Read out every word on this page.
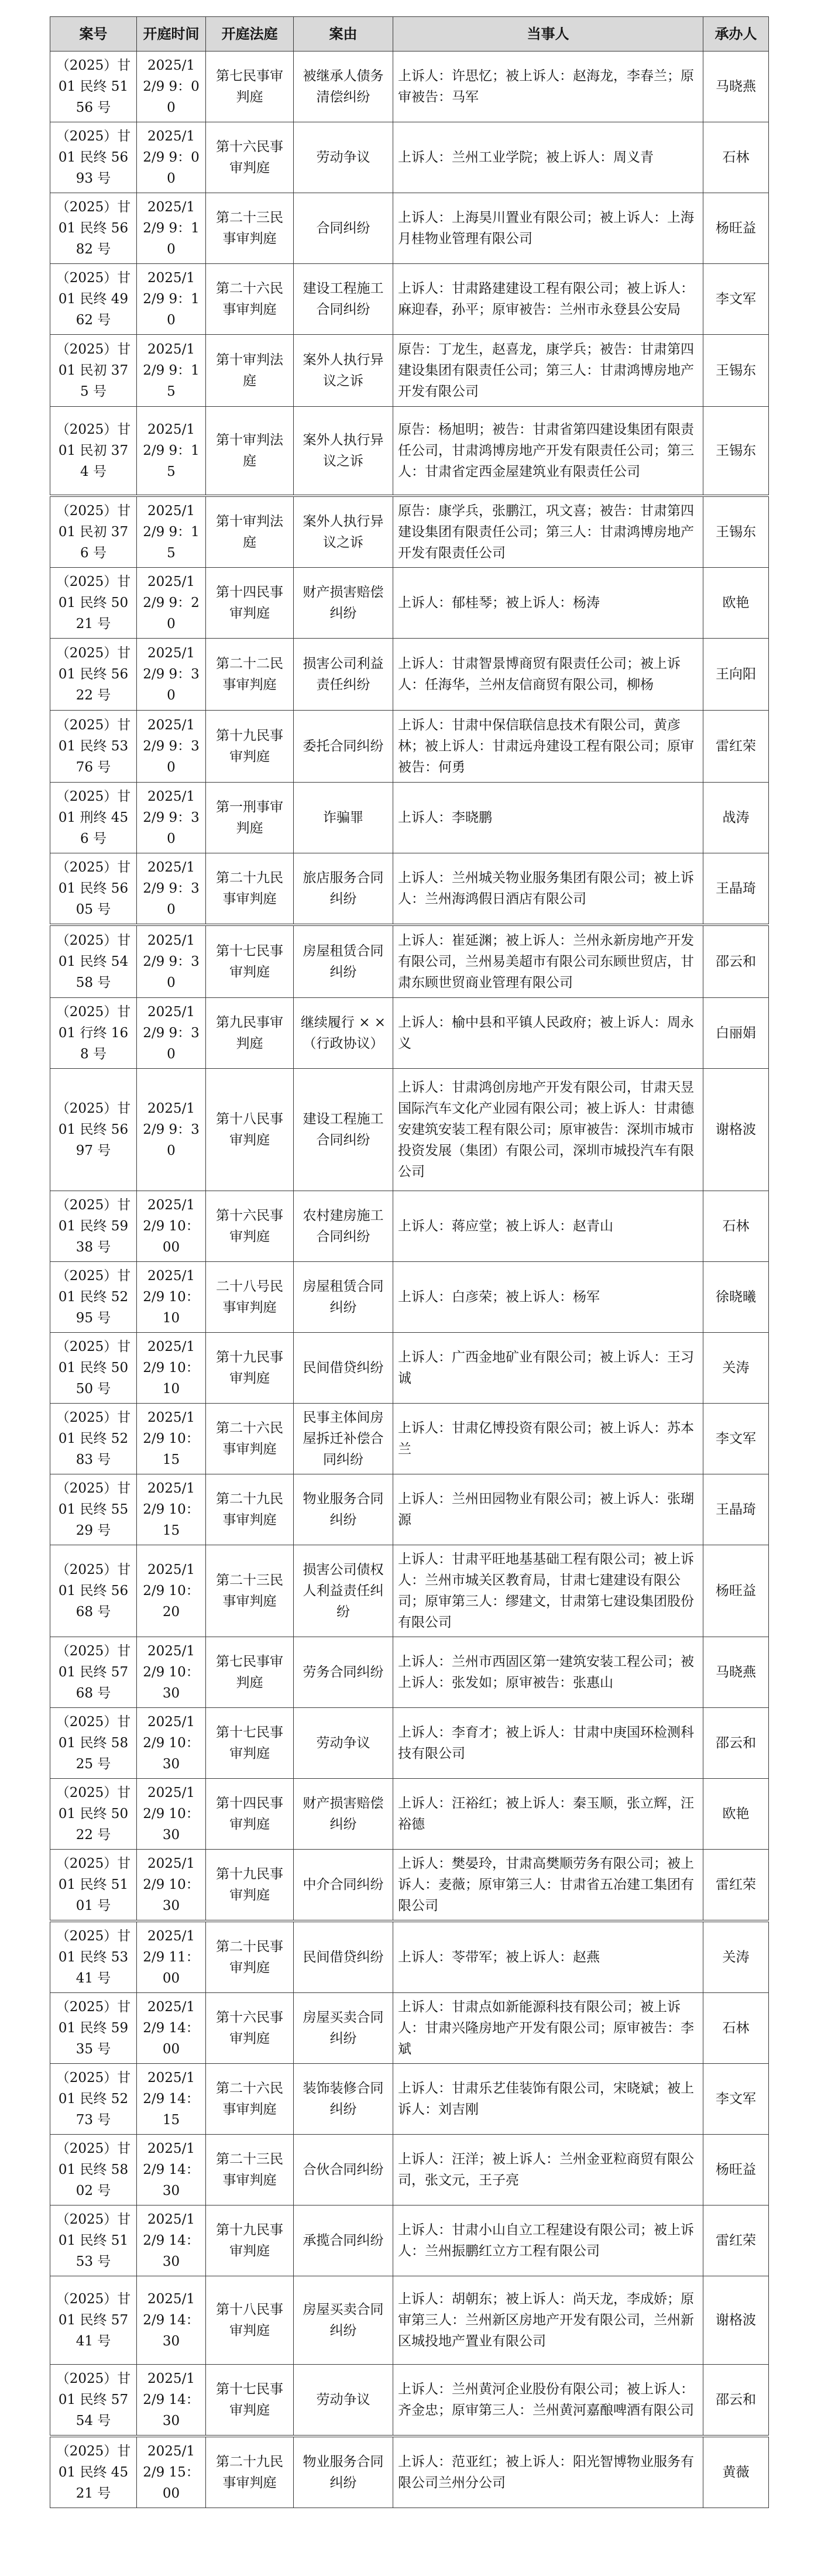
案号	开庭时间	开庭法庭	案由	当事人	承办人
（2025）甘 01 民终 5156 号	2025/12/9 9：00	第七民事审判庭	被继承人债务清偿纠纷	上诉人：许思忆；被上诉人：赵海龙，李春兰；原审被告：马军	马晓燕
（2025）甘 01 民终 5693 号	2025/12/9 9：00	第十六民事审判庭	劳动争议	上诉人：兰州工业学院；被上诉人：周义青	石林
（2025）甘 01 民终 5682 号	2025/12/9 9：10	第二十三民事审判庭	合同纠纷	上诉人：上海昊川置业有限公司；被上诉人：上海月桂物业管理有限公司	杨旺益
（2025）甘 01 民终 4962 号	2025/12/9 9：10	第二十六民事审判庭	建设工程施工合同纠纷	上诉人：甘肃路建建设工程有限公司；被上诉人：麻迎春，孙平；原审被告：兰州市永登县公安局	李文军
（2025）甘 01 民初 375 号	2025/12/9 9：15	第十审判法庭	案外人执行异议之诉	原告：丁龙生，赵喜龙，康学兵；被告：甘肃第四建设集团有限责任公司；第三人：甘肃鸿博房地产开发有限公司	王锡东
（2025）甘 01 民初 374 号	2025/12/9 9：15	第十审判法庭	案外人执行异议之诉	原告：杨旭明；被告：甘肃省第四建设集团有限责任公司，甘肃鸿博房地产开发有限责任公司；第三人：甘肃省定西金屋建筑业有限责任公司	王锡东
（2025）甘 01 民初 376 号	2025/12/9 9：15	第十审判法庭	案外人执行异议之诉	原告：康学兵，张鹏江，巩文喜；被告：甘肃第四建设集团有限责任公司；第三人：甘肃鸿博房地产开发有限责任公司	王锡东
（2025）甘 01 民终 5021 号	2025/12/9 9：20	第十四民事审判庭	财产损害赔偿纠纷	上诉人：郁桂琴；被上诉人：杨涛	欧艳
（2025）甘 01 民终 5622 号	2025/12/9 9：30	第二十二民事审判庭	损害公司利益责任纠纷	上诉人：甘肃智景博商贸有限责任公司；被上诉人：任海华，兰州友信商贸有限公司，柳杨	王向阳
（2025）甘 01 民终 5376 号	2025/12/9 9：30	第十九民事审判庭	委托合同纠纷	上诉人：甘肃中保信联信息技术有限公司，黄彦林；被上诉人：甘肃远舟建设工程有限公司；原审被告：何勇	雷红荣
（2025）甘 01 刑终 456 号	2025/12/9 9：30	第一刑事审判庭	诈骗罪	上诉人：李晓鹏	战涛
（2025）甘 01 民终 5605 号	2025/12/9 9：30	第二十九民事审判庭	旅店服务合同纠纷	上诉人：兰州城关物业服务集团有限公司；被上诉人：兰州海鸿假日酒店有限公司	王晶琦
（2025）甘 01 民终 5458 号	2025/12/9 9：30	第十七民事审判庭	房屋租赁合同纠纷	上诉人：崔延渊；被上诉人：兰州永新房地产开发有限公司，兰州易美超市有限公司东顾世贸店，甘肃东顾世贸商业管理有限公司	邵云和
（2025）甘 01 行终 168 号	2025/12/9 9：30	第九民事审判庭	继续履行 × ×（行政协议）	上诉人：榆中县和平镇人民政府；被上诉人：周永义	白丽娟
（2025）甘 01 民终 5697 号	2025/12/9 9：30	第十八民事审判庭	建设工程施工合同纠纷	上诉人：甘肃鸿创房地产开发有限公司，甘肃天昱国际汽车文化产业园有限公司；被上诉人：甘肃德安建筑安装工程有限公司；原审被告：深圳市城市投资发展（集团）有限公司，深圳市城投汽车有限公司	谢格波
（2025）甘 01 民终 5938 号	2025/12/9 10：00	第十六民事审判庭	农村建房施工合同纠纷	上诉人：蒋应堂；被上诉人：赵青山	石林
（2025）甘 01 民终 5295 号	2025/12/9 10：10	二十八号民事审判庭	房屋租赁合同纠纷	上诉人：白彦荣；被上诉人：杨军	徐晓曦
（2025）甘 01 民终 5050 号	2025/12/9 10：10	第十九民事审判庭	民间借贷纠纷	上诉人：广西金地矿业有限公司；被上诉人：王习诚	关涛
（2025）甘 01 民终 5283 号	2025/12/9 10：15	第二十六民事审判庭	民事主体间房屋拆迁补偿合同纠纷	上诉人：甘肃亿博投资有限公司；被上诉人：苏本兰	李文军
（2025）甘 01 民终 5529 号	2025/12/9 10：15	第二十九民事审判庭	物业服务合同纠纷	上诉人：兰州田园物业有限公司；被上诉人：张瑚源	王晶琦
（2025）甘 01 民终 5668 号	2025/12/9 10：20	第二十三民事审判庭	损害公司债权人利益责任纠纷	上诉人：甘肃平旺地基基础工程有限公司；被上诉人：兰州市城关区教育局，甘肃七建建设有限公司；原审第三人：缪建文，甘肃第七建设集团股份有限公司	杨旺益
（2025）甘 01 民终 5768 号	2025/12/9 10：30	第七民事审判庭	劳务合同纠纷	上诉人：兰州市西固区第一建筑安装工程公司；被上诉人：张发如；原审被告：张惠山	马晓燕
（2025）甘 01 民终 5825 号	2025/12/9 10：30	第十七民事审判庭	劳动争议	上诉人：李育才；被上诉人：甘肃中庚国环检测科技有限公司	邵云和
（2025）甘 01 民终 5022 号	2025/12/9 10：30	第十四民事审判庭	财产损害赔偿纠纷	上诉人：汪裕红；被上诉人：秦玉顺，张立辉，汪裕德	欧艳
（2025）甘 01 民终 5101 号	2025/12/9 10：30	第十九民事审判庭	中介合同纠纷	上诉人：樊晏玲，甘肃高樊顺劳务有限公司；被上诉人：麦薇；原审第三人：甘肃省五冶建工集团有限公司	雷红荣
（2025）甘 01 民终 5341 号	2025/12/9 11：00	第二十民事审判庭	民间借贷纠纷	上诉人：苓带军；被上诉人：赵燕	关涛
（2025）甘 01 民终 5935 号	2025/12/9 14：00	第十六民事审判庭	房屋买卖合同纠纷	上诉人：甘肃点如新能源科技有限公司；被上诉人：甘肃兴隆房地产开发有限公司；原审被告：李斌	石林
（2025）甘 01 民终 5273 号	2025/12/9 14：15	第二十六民事审判庭	装饰装修合同纠纷	上诉人：甘肃乐艺佳装饰有限公司，宋晓斌；被上诉人：刘吉刚	李文军
（2025）甘 01 民终 5802 号	2025/12/9 14：30	第二十三民事审判庭	合伙合同纠纷	上诉人：汪洋；被上诉人：兰州金亚粒商贸有限公司，张文元，王子亮	杨旺益
（2025）甘 01 民终 5153 号	2025/12/9 14：30	第十九民事审判庭	承揽合同纠纷	上诉人：甘肃小山自立工程建设有限公司；被上诉人：兰州振鹏红立方工程有限公司	雷红荣
（2025）甘 01 民终 5741 号	2025/12/9 14：30	第十八民事审判庭	房屋买卖合同纠纷	上诉人：胡朝东；被上诉人：尚天龙，李成娇；原审第三人：兰州新区房地产开发有限公司，兰州新区城投地产置业有限公司	谢格波
（2025）甘 01 民终 5754 号	2025/12/9 14：30	第十七民事审判庭	劳动争议	上诉人：兰州黄河企业股份有限公司；被上诉人：齐金忠；原审第三人：兰州黄河嘉酿啤酒有限公司	邵云和
（2025）甘 01 民终 4521 号	2025/12/9 15：00	第二十九民事审判庭	物业服务合同纠纷	上诉人：范亚红；被上诉人：阳光智博物业服务有限公司兰州分公司	黄薇
